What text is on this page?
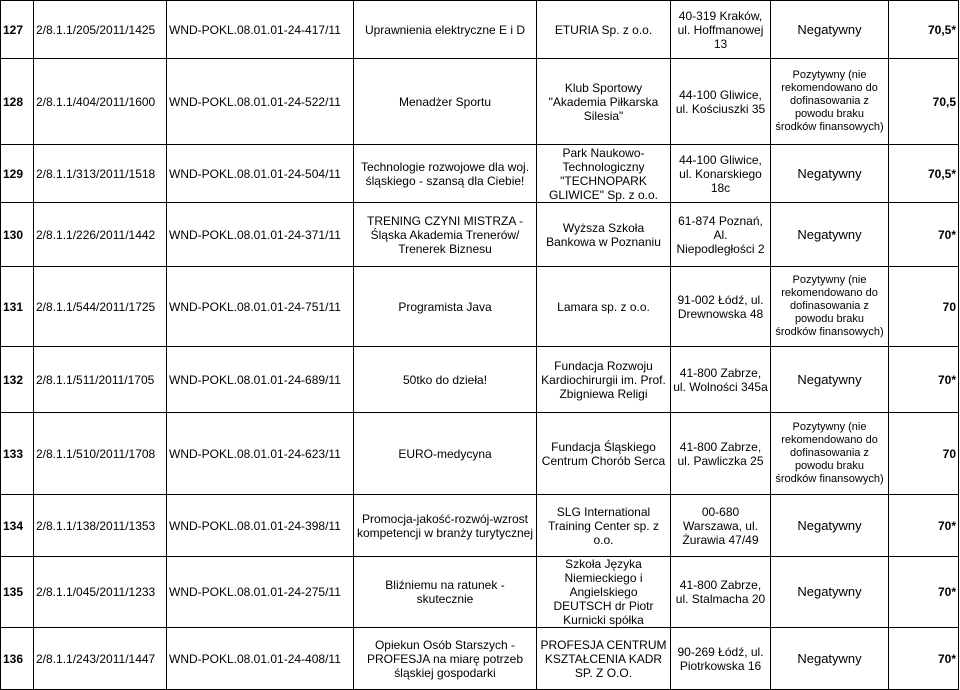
127	2/8.1.1/205/2011/1425	WND-POKL.08.01.01-24-417/11	Uprawnienia elektryczne E i D	ETURIA Sp. z o.o.	40-319 Kraków, ul. Hoffmanowej 13	Negatywny	70,5*
128	2/8.1.1/404/2011/1600	WND-POKL.08.01.01-24-522/11	Menadżer Sportu	Klub Sportowy "Akademia Piłkarska Silesia"	44-100 Gliwice, ul. Kościuszki 35	Pozytywny (nie rekomendowano do dofinasowania z powodu braku środków finansowych)	70,5
129	2/8.1.1/313/2011/1518	WND-POKL.08.01.01-24-504/11	Technologie rozwojowe dla woj. śląskiego - szansą dla Ciebie!	Park Naukowo-Technologiczny "TECHNOPARK GLIWICE" Sp. z o.o.	44-100 Gliwice, ul. Konarskiego 18c	Negatywny	70,5*
130	2/8.1.1/226/2011/1442	WND-POKL.08.01.01-24-371/11	TRENING CZYNI MISTRZA - Śląska Akademia Trenerów/ Trenerek Biznesu	Wyższa Szkoła Bankowa w Poznaniu	61-874 Poznań, Al. Niepodległości 2	Negatywny	70*
131	2/8.1.1/544/2011/1725	WND-POKL.08.01.01-24-751/11	Programista Java	Lamara sp. z o.o.	91-002 Łódź, ul. Drewnowska 48	Pozytywny (nie rekomendowano do dofinasowania z powodu braku środków finansowych)	70
132	2/8.1.1/511/2011/1705	WND-POKL.08.01.01-24-689/11	50tko do dzieła!	Fundacja Rozwoju Kardiochirurgii im. Prof. Zbigniewa Religi	41-800 Zabrze, ul. Wolności 345a	Negatywny	70*
133	2/8.1.1/510/2011/1708	WND-POKL.08.01.01-24-623/11	EURO-medycyna	Fundacja Śląskiego Centrum Chorób Serca	41-800 Zabrze, ul. Pawliczka 25	Pozytywny (nie rekomendowano do dofinasowania z powodu braku środków finansowych)	70
134	2/8.1.1/138/2011/1353	WND-POKL.08.01.01-24-398/11	Promocja-jakość-rozwój-wzrost kompetencji w branży turytycznej	SLG International Training Center sp. z o.o.	00-680 Warszawa, ul. Żurawia 47/49	Negatywny	70*
135	2/8.1.1/045/2011/1233	WND-POKL.08.01.01-24-275/11	Bliźniemu na ratunek - skutecznie	Szkoła Języka Niemieckiego i Angielskiego DEUTSCH dr Piotr Kurnicki spółka	41-800 Zabrze, ul. Stalmacha 20	Negatywny	70*
136	2/8.1.1/243/2011/1447	WND-POKL.08.01.01-24-408/11	Opiekun Osób Starszych - PROFESJA na miarę potrzeb śląskiej gospodarki	PROFESJA CENTRUM KSZTAŁCENIA KADR SP. Z O.O.	90-269 Łódź, ul. Piotrkowska 16	Negatywny	70*
